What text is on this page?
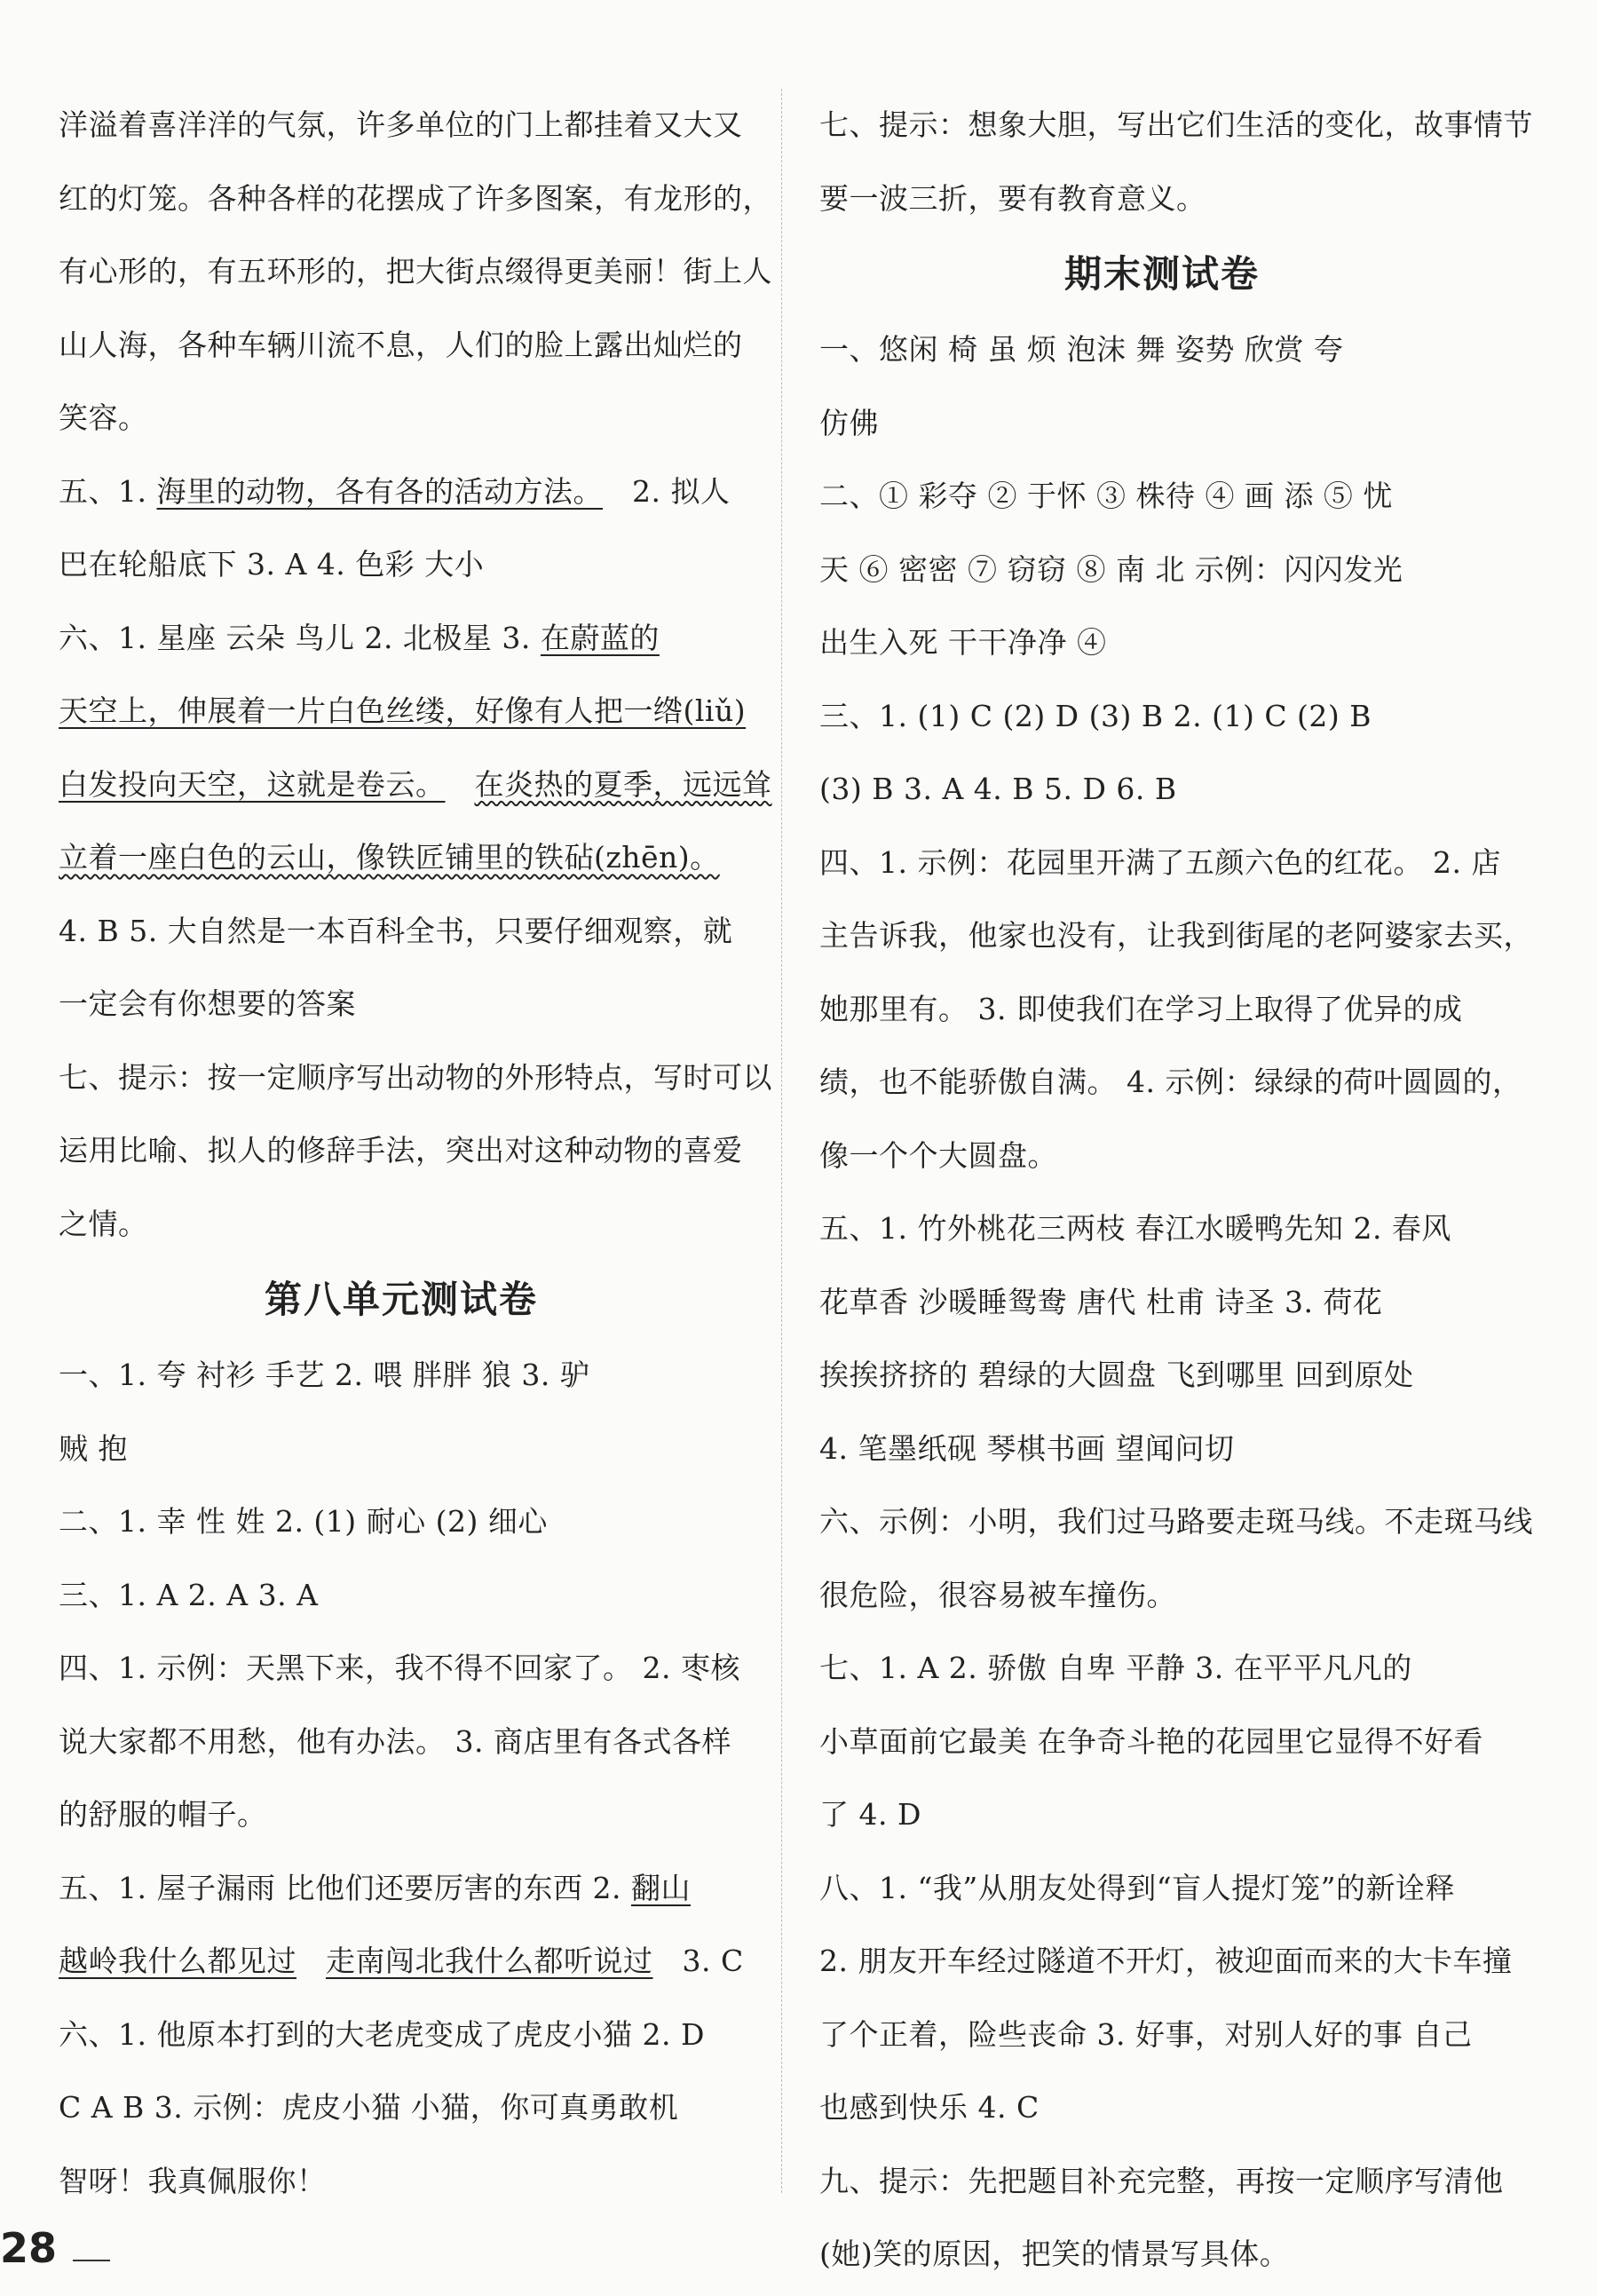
洋溢着喜洋洋的气氛，许多单位的门上都挂着又大又
红的灯笼。各种各样的花摆成了许多图案，有龙形的，
有心形的，有五环形的，把大街点缀得更美丽！街上人
山人海，各种车辆川流不息，人们的脸上露出灿烂的
笑容。
五、1.
海里的动物，各有各的活动方法。
2. 拟人
巴在轮船底下 3. A 4. 色彩 大小
六、1. 星座 云朵 鸟儿 2. 北极星 3.
在蔚蓝的
天空上，伸展着一片白色丝缕，好像有人把一绺(liǔ)
白发投向天空，这就是卷云。
在炎热的夏季，远远耸
立着一座白色的云山，像铁匠铺里的铁砧(zhēn)。
4. B 5. 大自然是一本百科全书，只要仔细观察，就
一定会有你想要的答案
七、提示：按一定顺序写出动物的外形特点，写时可以
运用比喻、拟人的修辞手法，突出对这种动物的喜爱
之情。
第八单元测试卷
一、1. 夸 衬衫 手艺 2. 喂 胖胖 狼 3. 驴
贼 抱
二、1. 幸 性 姓 2. (1) 耐心 (2) 细心
三、1. A 2. A 3. A
四、1. 示例：天黑下来，我不得不回家了。 2. 枣核
说大家都不用愁，他有办法。 3. 商店里有各式各样
的舒服的帽子。
五、1. 屋子漏雨 比他们还要厉害的东西 2.
翻山
越岭我什么都见过
走南闯北我什么都听说过
3. C
六、1. 他原本打到的大老虎变成了虎皮小猫 2. D
C A B 3. 示例：虎皮小猫 小猫，你可真勇敢机
智呀！我真佩服你！
七、提示：想象大胆，写出它们生活的变化，故事情节
要一波三折，要有教育意义。
期末测试卷
一、悠闲 椅 虽 烦 泡沫 舞 姿势 欣赏 夸
仿佛
二、① 彩夺 ② 于怀 ③ 株待 ④ 画 添 ⑤ 忧
天 ⑥ 密密 ⑦ 窃窃 ⑧ 南 北 示例：闪闪发光
出生入死 干干净净 ④
三、1. (1) C (2) D (3) B 2. (1) C (2) B
(3) B 3. A 4. B 5. D 6. B
四、1. 示例：花园里开满了五颜六色的红花。 2. 店
主告诉我，他家也没有，让我到街尾的老阿婆家去买，
她那里有。 3. 即使我们在学习上取得了优异的成
绩，也不能骄傲自满。 4. 示例：绿绿的荷叶圆圆的，
像一个个大圆盘。
五、1. 竹外桃花三两枝 春江水暖鸭先知 2. 春风
花草香 沙暖睡鸳鸯 唐代 杜甫 诗圣 3. 荷花
挨挨挤挤的 碧绿的大圆盘 飞到哪里 回到原处
4. 笔墨纸砚 琴棋书画 望闻问切
六、示例：小明，我们过马路要走斑马线。不走斑马线
很危险，很容易被车撞伤。
七、1. A 2. 骄傲 自卑 平静 3. 在平平凡凡的
小草面前它最美 在争奇斗艳的花园里它显得不好看
了 4. D
八、1. “我”从朋友处得到“盲人提灯笼”的新诠释
2. 朋友开车经过隧道不开灯，被迎面而来的大卡车撞
了个正着，险些丧命 3. 好事，对别人好的事 自己
也感到快乐 4. C
九、提示：先把题目补充完整，再按一定顺序写清他
(她)笑的原因，把笑的情景写具体。
28
